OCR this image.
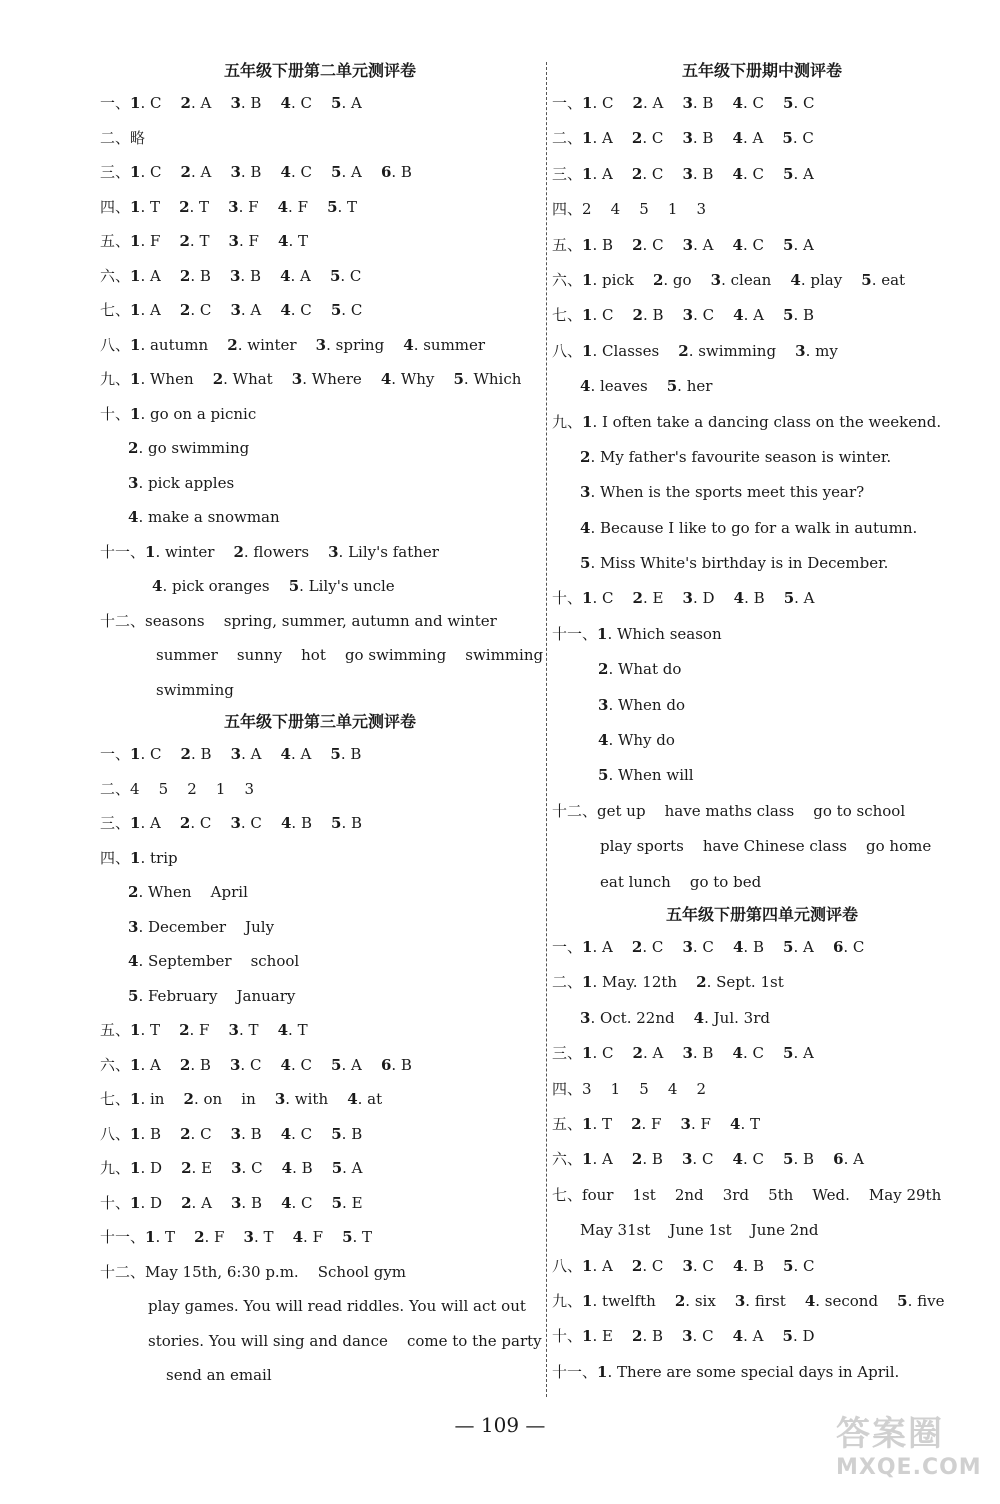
五年级下册第二单元测评卷
一、1. C    2. A    3. B    4. C    5. A
二、略
三、1. C    2. A    3. B    4. C    5. A    6. B
四、1. T    2. T    3. F    4. F    5. T
五、1. F    2. T    3. F    4. T
六、1. A    2. B    3. B    4. A    5. C
七、1. A    2. C    3. A    4. C    5. C
八、1. autumn    2. winter    3. spring    4. summer
九、1. When    2. What    3. Where    4. Why    5. Which
十、1. go on a picnic
2. go swimming
3. pick apples
4. make a snowman
十一、1. winter    2. flowers    3. Lily's father
4. pick oranges    5. Lily's uncle
十二、seasons    spring, summer, autumn and winter
summer    sunny    hot    go swimming    swimming
swimming
五年级下册第三单元测评卷
一、1. C    2. B    3. A    4. A    5. B
二、4    5    2    1    3
三、1. A    2. C    3. C    4. B    5. B
四、1. trip
2. When    April
3. December    July
4. September    school
5. February    January
五、1. T    2. F    3. T    4. T
六、1. A    2. B    3. C    4. C    5. A    6. B
七、1. in    2. on    in    3. with    4. at
八、1. B    2. C    3. B    4. C    5. B
九、1. D    2. E    3. C    4. B    5. A
十、1. D    2. A    3. B    4. C    5. E
十一、1. T    2. F    3. T    4. F    5. T
十二、May 15th, 6:30 p.m.    School gym
play games. You will read riddles. You will act out
stories. You will sing and dance    come to the party
send an email
五年级下册期中测评卷
一、1. C    2. A    3. B    4. C    5. C
二、1. A    2. C    3. B    4. A    5. C
三、1. A    2. C    3. B    4. C    5. A
四、2    4    5    1    3
五、1. B    2. C    3. A    4. C    5. A
六、1. pick    2. go    3. clean    4. play    5. eat
七、1. C    2. B    3. C    4. A    5. B
八、1. Classes    2. swimming    3. my
4. leaves    5. her
九、1. I often take a dancing class on the weekend.
2. My father's favourite season is winter.
3. When is the sports meet this year?
4. Because I like to go for a walk in autumn.
5. Miss White's birthday is in December.
十、1. C    2. E    3. D    4. B    5. A
十一、1. Which season
2. What do
3. When do
4. Why do
5. When will
十二、get up    have maths class    go to school
play sports    have Chinese class    go home
eat lunch    go to bed
五年级下册第四单元测评卷
一、1. A    2. C    3. C    4. B    5. A    6. C
二、1. May. 12th    2. Sept. 1st
3. Oct. 22nd    4. Jul. 3rd
三、1. C    2. A    3. B    4. C    5. A
四、3    1    5    4    2
五、1. T    2. F    3. F    4. T
六、1. A    2. B    3. C    4. C    5. B    6. A
七、four    1st    2nd    3rd    5th    Wed.    May 29th
May 31st    June 1st    June 2nd
八、1. A    2. C    3. C    4. B    5. C
九、1. twelfth    2. six    3. first    4. second    5. five
十、1. E    2. B    3. C    4. A    5. D
十一、1. There are some special days in April.
— 109 —	答案圈
MXQE.COM
